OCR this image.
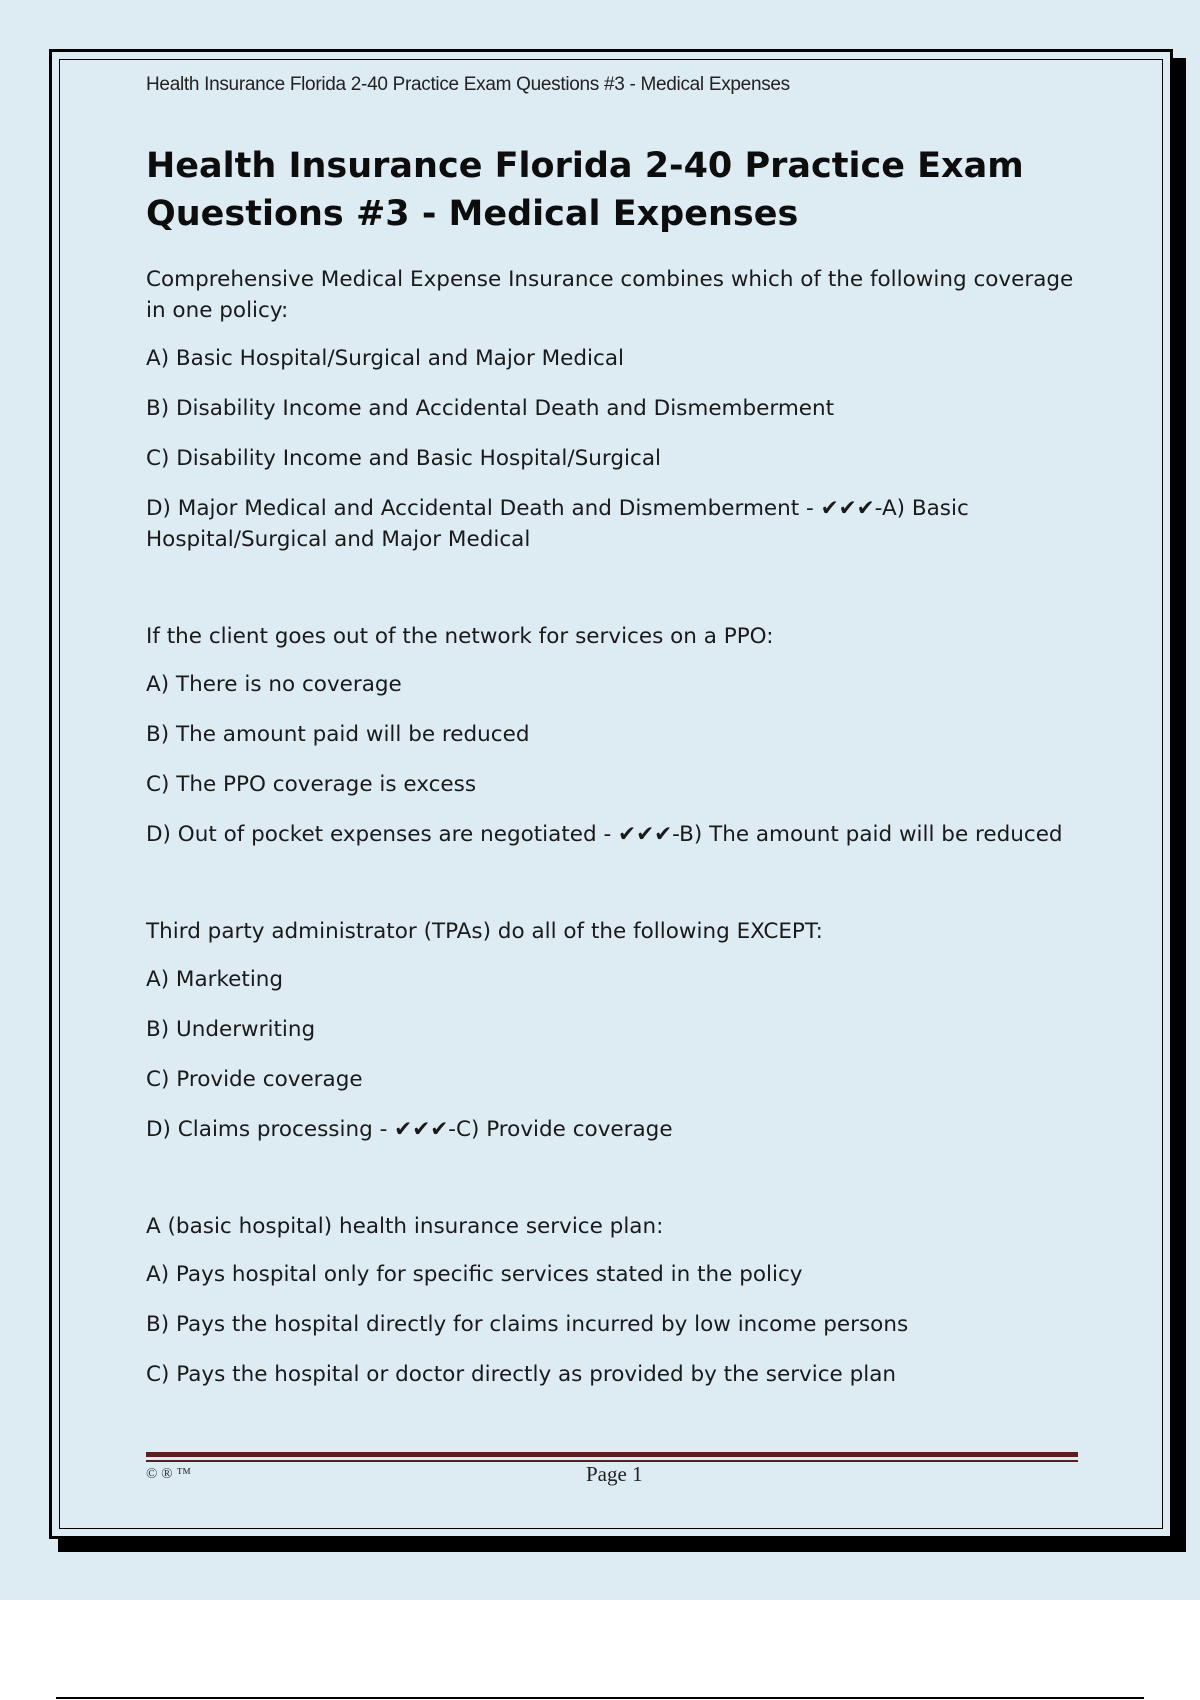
Health Insurance Florida 2-40 Practice Exam Questions #3 - Medical Expenses
Health Insurance Florida 2-40 Practice Exam Questions #3 - Medical Expenses

Comprehensive Medical Expense Insurance combines which of the following coverage in one policy:

A) Basic Hospital/Surgical and Major Medical

B) Disability Income and Accidental Death and Dismemberment

C) Disability Income and Basic Hospital/Surgical

D) Major Medical and Accidental Death and Dismemberment - ✔✔✔-A) Basic Hospital/Surgical and Major Medical

If the client goes out of the network for services on a PPO:

A) There is no coverage

B) The amount paid will be reduced

C) The PPO coverage is excess

D) Out of pocket expenses are negotiated - ✔✔✔-B) The amount paid will be reduced

Third party administrator (TPAs) do all of the following EXCEPT:

A) Marketing

B) Underwriting

C) Provide coverage

D) Claims processing - ✔✔✔-C) Provide coverage

A (basic hospital) health insurance service plan:

A) Pays hospital only for specific services stated in the policy

B) Pays the hospital directly for claims incurred by low income persons

C) Pays the hospital or doctor directly as provided by the service plan

© ® ™	Page 1
